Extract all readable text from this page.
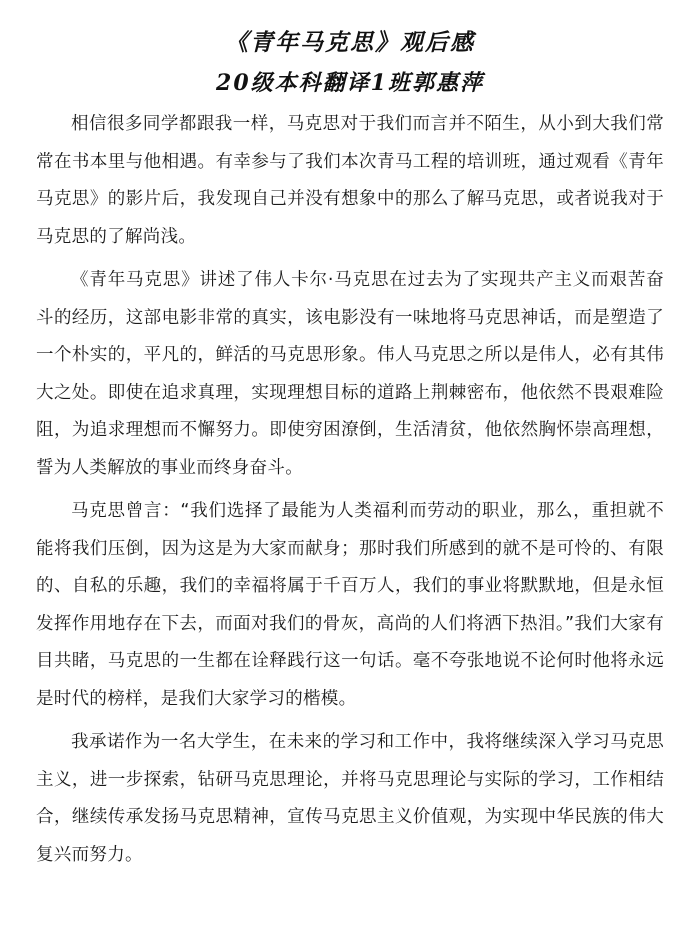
《青年马克思》观后感
20级本科翻译1班郭惠萍

相信很多同学都跟我一样，马克思对于我们而言并不陌生，从小到大我们常常在书本里与他相遇。有幸参与了我们本次青马工程的培训班，通过观看《青年马克思》的影片后，我发现自己并没有想象中的那么了解马克思，或者说我对于马克思的了解尚浅。

《青年马克思》讲述了伟人卡尔·马克思在过去为了实现共产主义而艰苦奋斗的经历，这部电影非常的真实，该电影没有一味地将马克思神话，而是塑造了一个朴实的，平凡的，鲜活的马克思形象。伟人马克思之所以是伟人，必有其伟大之处。即使在追求真理，实现理想目标的道路上荆棘密布，他依然不畏艰难险阻，为追求理想而不懈努力。即使穷困潦倒，生活清贫，他依然胸怀崇高理想，誓为人类解放的事业而终身奋斗。

马克思曾言：“我们选择了最能为人类福利而劳动的职业，那么，重担就不能将我们压倒，因为这是为大家而献身；那时我们所感到的就不是可怜的、有限的、自私的乐趣，我们的幸福将属于千百万人，我们的事业将默默地，但是永恒发挥作用地存在下去，而面对我们的骨灰，高尚的人们将洒下热泪。”我们大家有目共睹，马克思的一生都在诠释践行这一句话。毫不夸张地说不论何时他将永远是时代的榜样，是我们大家学习的楷模。

我承诺作为一名大学生，在未来的学习和工作中，我将继续深入学习马克思主义，进一步探索，钻研马克思理论，并将马克思理论与实际的学习，工作相结合，继续传承发扬马克思精神，宣传马克思主义价值观，为实现中华民族的伟大复兴而努力。
